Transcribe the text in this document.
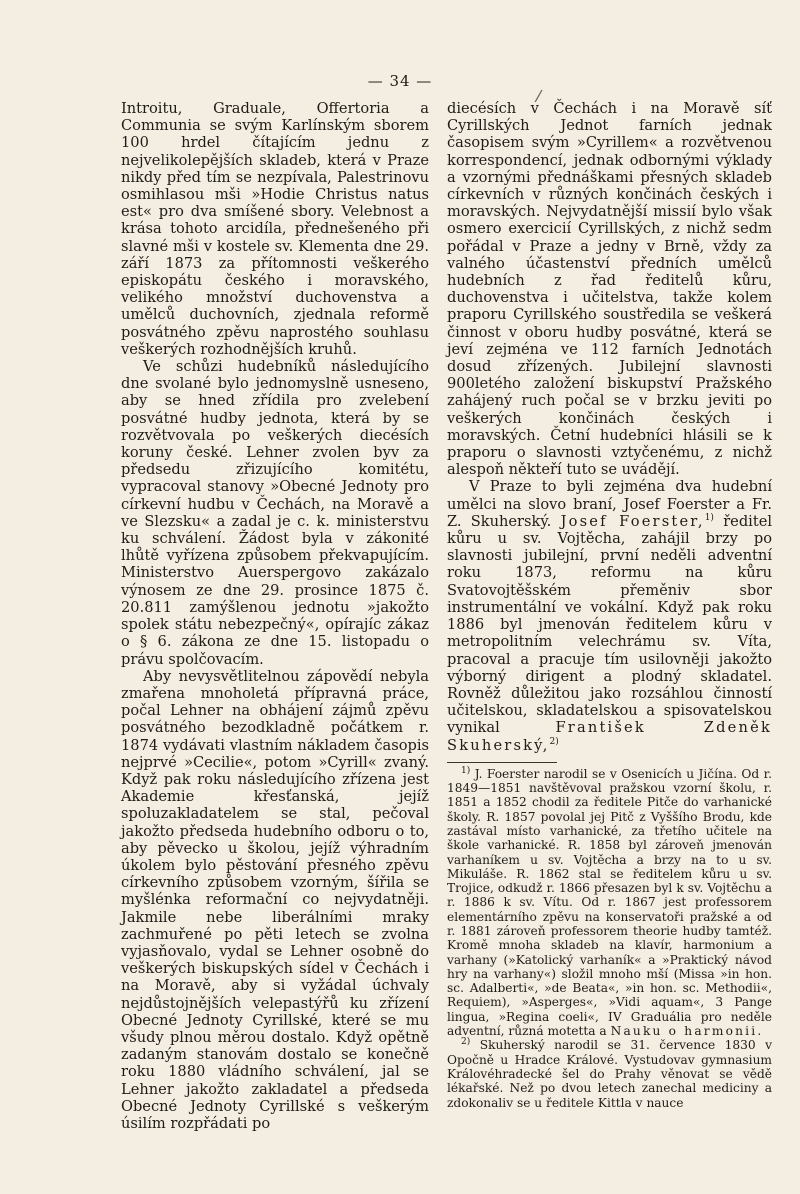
— 34 —
/

Introitu, Graduale, Offertoria a Communia se svým Karlínským sborem 100 hrdel čítajícím jednu z nejvelikolepějších skladeb, která v Praze nikdy před tím se nezpívala, Palestrinovu osmihlasou mši »Hodie Christus natus est« pro dva smíšené sbory. Velebnost a krása tohoto arcidíla, přednešeného při slavné mši v kostele sv. Klementa dne 29. září 1873 za přítomnosti veškerého episkopátu českého i moravského, velikého množství duchovenstva a umělců duchovních, zjednala reformě posvátného zpěvu naprostého souhlasu veškerých rozhodnějších kruhů.

Ve schůzi hudebníků následujícího dne svolané bylo jednomyslně usneseno, aby se hned zřídila pro zvelebení posvátné hudby jednota, která by se rozvětvovala po veškerých diecésích koruny české. Lehner zvolen byv za předsedu zřizujícího komitétu, vypracoval stanovy »Obecné Jednoty pro církevní hudbu v Čechách, na Moravě a ve Slezsku« a zadal je c. k. ministerstvu ku schválení. Žádost byla v zákonité lhůtě vyřízena způsobem překvapujícím. Ministerstvo Auerspergovo zakázalo výnosem ze dne 29. prosince 1875 č. 20.811 zamýšlenou jednotu »jakožto spolek státu nebezpečný«, opírajíc zákaz o § 6. zákona ze dne 15. listopadu o právu spolčovacím.

Aby nevysvětlitelnou zápovědí nebyla zmařena mnoholetá přípravná práce, počal Lehner na obhájení zájmů zpěvu posvátného bezodkladně počátkem r. 1874 vydávati vlastním nákladem časopis nejprvé »Cecilie«, potom »Cyrill« zvaný. Když pak roku následujícího zřízena jest Akademie křesťanská, jejíž spoluzakladatelem se stal, pečoval jakožto předseda hudebního odboru o to, aby pěvecko u školou, jejíž výhradním úkolem bylo pěstování přesného zpěvu církevního způsobem vzorným, šířila se myšlénka reformační co nejvydatněji. Jakmile nebe liberálními mraky zachmuřené po pěti letech se zvolna vyjasňovalo, vydal se Lehner osobně do veškerých biskupských sídel v Čechách i na Moravě, aby si vyžádal úchvaly nejdůstojnějších velepastýřů ku zřízení Obecné Jednoty Cyrillské, které se mu všudy plnou měrou dostalo. Když opětně zadaným stanovám dostalo se konečně roku 1880 vládního schválení, jal se Lehner jakožto zakladatel a předseda Obecné Jednoty Cyrillské s veškerým úsilím rozpřádati po

diecésích v Čechách i na Moravě síť Cyrillských Jednot farních jednak časopisem svým »Cyrillem« a rozvětvenou korrespondencí, jednak odbornými výklady a vzornými přednáškami přesných skladeb církevních v různých končinách českých i moravských. Nejvydatnější missií bylo však osmero exercicií Cyrillských, z nichž sedm pořádal v Praze a jedny v Brně, vždy za valného účastenství předních umělců hudebních z řad ředitelů kůru, duchovenstva i učitelstva, takže kolem praporu Cyrillského soustředila se veškerá činnost v oboru hudby posvátné, která se jeví zejména ve 112 farních Jednotách dosud zřízených. Jubilejní slavnosti 900letého založení biskupství Pražského zahájený ruch počal se v brzku jeviti po veškerých končinách českých i moravských. Četní hudebníci hlásili se k praporu o slavnosti vztyčenému, z nichž alespoň někteří tuto se uvádějí.

V Praze to byli zejména dva hudební umělci na slovo braní, Josef Foerster a Fr. Z. Skuherský. Josef Foerster,$^{1)}$ ředitel kůru u sv. Vojtěcha, zahájil brzy po slavnosti jubilejní, první neděli adventní roku 1873, reformu na kůru Svatovojtěšském přeměniv sbor instrumentální ve vokální. Když pak roku 1886 byl jmenován ředitelem kůru v metropolitním velechrámu sv. Víta, pracoval a pracuje tím usilovněji jakožto výborný dirigent a plodný skladatel. Rovněž důležitou jako rozsáhlou činností učitelskou, skladatelskou a spisovatelskou vynikal	František Zdeněk Skuherský,$^{2)}$

$^{1)}$ J. Foerster narodil se v Osenicích u Jičína. Od r. 1849—1851 navštěvoval pražskou vzorní školu, r. 1851 a 1852 chodil za ředitele Pitče do varhanické školy. R. 1857 povolal jej Pitč z Vyššího Brodu, kde zastával místo varhanické, za třetího učitele na škole varhanické. R. 1858 byl zároveň jmenován varhaníkem u sv. Vojtěcha a brzy na to u sv. Mikuláše. R. 1862 stal se ředitelem kůru u sv. Trojice, odkudž r. 1866 přesazen byl k sv. Vojtěchu a r. 1886 k sv. Vítu. Od r. 1867 jest professorem elementárního zpěvu na konservatoři pražské a od r. 1881 zároveň professorem theorie hudby tamtéž. Kromě mnoha skladeb na klavír, harmonium a varhany (»Katolický varhaník« a »Praktický návod hry na varhany«) složil mnoho mší (Missa »in hon. sc. Adalberti«, »de Beata«, »in hon. sc. Methodii«, Requiem), »Asperges«, »Vidi aquam«, 3 Pange lingua, »Regina coeli«, IV Graduália pro neděle adventní, různá motetta a Nauku o harmonii.

$^{2)}$ Skuherský narodil se 31. července 1830 v Opočně u Hradce Králové. Vystudovav gymnasium Královéhradecké šel do Prahy věnovat se vědě lékařské. Než po dvou letech zanechal mediciny a zdokonaliv se u ředitele Kittla v nauce
